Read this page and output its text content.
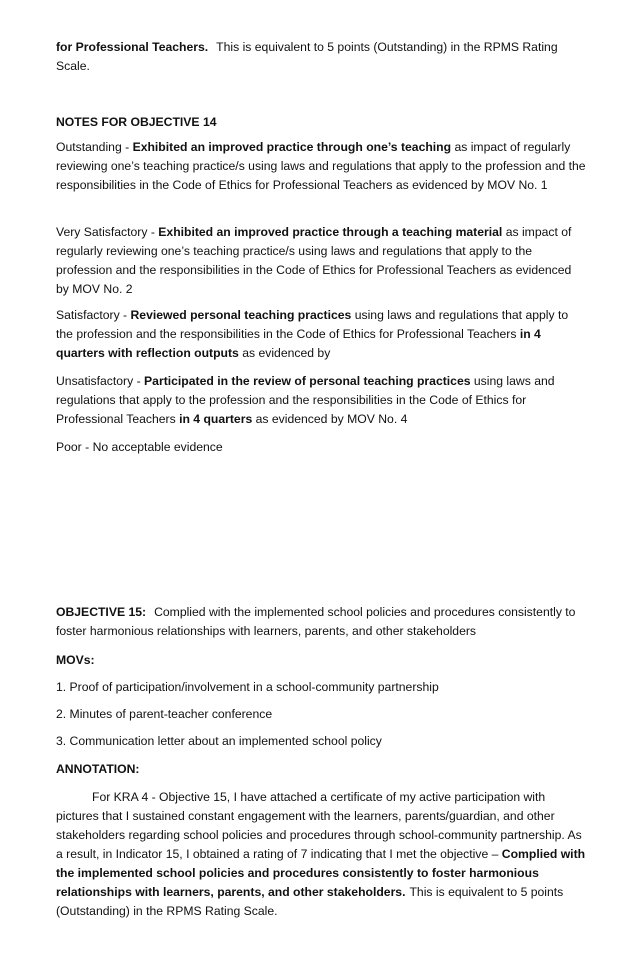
for Professional Teachers. This is equivalent to 5 points (Outstanding) in the RPMS Rating Scale.

NOTES FOR OBJECTIVE 14

Outstanding - Exhibited an improved practice through one’s teaching as impact of regularly reviewing one’s teaching practice/s using laws and regulations that apply to the profession and the responsibilities in the Code of Ethics for Professional Teachers as evidenced by MOV No. 1

Very Satisfactory - Exhibited an improved practice through a teaching material as impact of regularly reviewing one’s teaching practice/s using laws and regulations that apply to the profession and the responsibilities in the Code of Ethics for Professional Teachers as evidenced by MOV No. 2

Satisfactory - Reviewed personal teaching practices using laws and regulations that apply to the profession and the responsibilities in the Code of Ethics for Professional Teachers in 4 quarters with reflection outputs as evidenced by

Unsatisfactory - Participated in the review of personal teaching practices using laws and regulations that apply to the profession and the responsibilities in the Code of Ethics for Professional Teachers in 4 quarters as evidenced by MOV No. 4

Poor - No acceptable evidence

OBJECTIVE 15: Complied with the implemented school policies and procedures consistently to foster harmonious relationships with learners, parents, and other stakeholders

MOVs:

1. Proof of participation/involvement in a school-community partnership

2. Minutes of parent-teacher conference

3. Communication letter about an implemented school policy

ANNOTATION:

For KRA 4 - Objective 15, I have attached a certificate of my active participation with pictures that I sustained constant engagement with the learners, parents/guardian, and other stakeholders regarding school policies and procedures through school-community partnership. As a result, in Indicator 15, I obtained a rating of 7 indicating that I met the objective – Complied with the implemented school policies and procedures consistently to foster harmonious relationships with learners, parents, and other stakeholders. This is equivalent to 5 points (Outstanding) in the RPMS Rating Scale.
